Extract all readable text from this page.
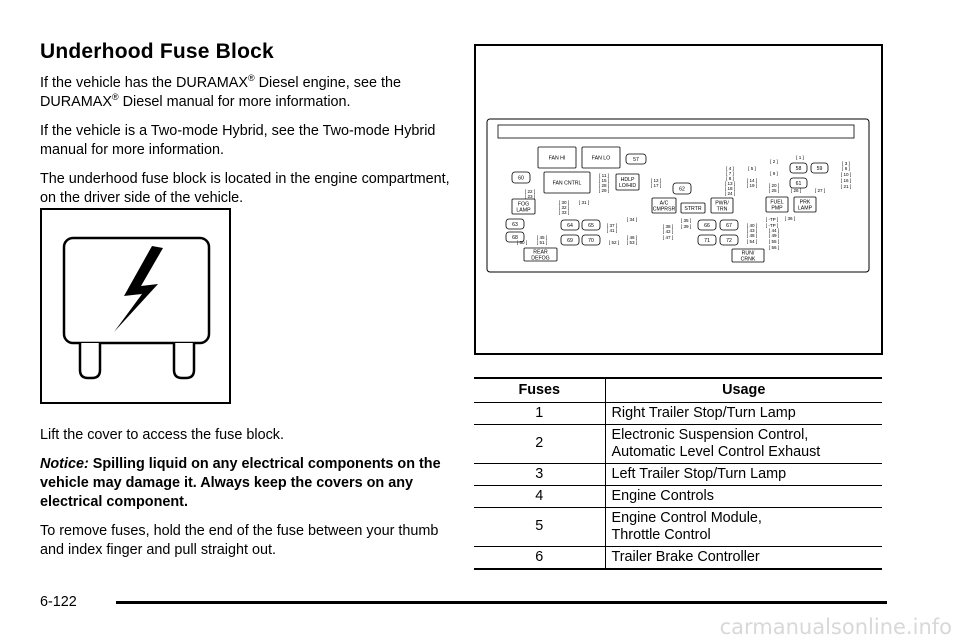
Underhood Fuse Block

If the vehicle has the DURAMAX® Diesel engine, see the DURAMAX® Diesel manual for more information.

If the vehicle is a Two-mode Hybrid, see the Two-mode Hybrid manual for more information.

The underhood fuse block is located in the engine compartment, on the driver side of the vehicle.

Lift the cover to access the fuse block.

Notice: Spilling liquid on any electrical components on the vehicle may damage it. Always keep the covers on any electrical component.

To remove fuses, hold the end of the fuse between your thumb and index finger and pull straight out.

FAN HI	FAN LO	57
60
FAN CNTRL
HDLP
LO/HID
58	59
61
62
FOG
LAMP
63
68
64	65
69	70
A/C
CMPRSR STRTR
PWR/
TRN
FUEL
PMP
PRK
LAMP
66	67
71	72
REAR
DEFOG
RUN/
CRNK
[ 1 ]
[ 2 ]	[ 3 ]
[ 6 ]
[ 4 ]	[ 5 ]
[ 7 ]	[ 9 ]	[ 10 ]
[ 8 ]
[ 13 ]
[ 14 ]
[ 18 ]
[ 19 ]
[ 16 ]
[ 21 ]
[ 24 ]
[ 20 ]
[ 25 ]	[ 26 ]	[ 27 ]
[ 11 ]
[ 15 ]
[ 22 ]
[ 23 ]
[ 12 ]
[ 17 ]
[ 28 ]
[ 29 ]
[ 30 ] [ 31 ]
[ 32 ]
[ 33 ]
[ 34 ]	[ 35 ]	[ 36 ]
[ 37 ]
[ 41 ]
[ 38 ] [ 39 ]	[ 40 ]
[ 42 ]	[ 43 ]	[ 44 ]
[ 47 ]
[ 45 ]	[ 46 ]	[ 48 ]	[ 49 ]
[ 50 ] [ 51 ]	[ 52 ] [ 53 ]	[ 54 ]	[ 55 ]
[ 56 ]
[ -TP ]
[ -TP ]
Fuses	Usage
1	Right Trailer Stop/Turn Lamp
2	Electronic Suspension Control,
Automatic Level Control Exhaust
3	Left Trailer Stop/Turn Lamp
4	Engine Controls
5	Engine Control Module,
Throttle Control
6	Trailer Brake Controller
6-122
carmanualsonline.info
